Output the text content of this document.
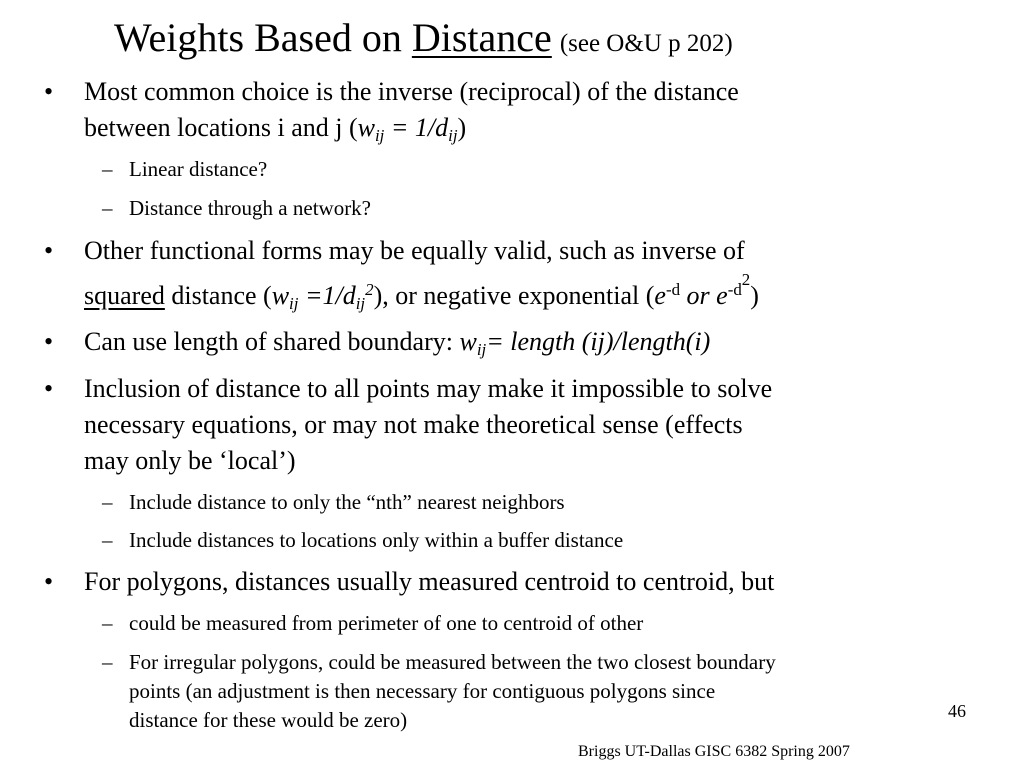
Weights Based on Distance (see O&U p 202)
• Most common choice is the inverse (reciprocal) of the distance
between locations i and j $(w_{ij} = 1/d_{ij})$
– Linear distance?
– Distance through a network?
• Other functional forms may be equally valid, such as inverse of
squared distance $(w_{ij} =1/d_{ij}^2)$, or negative exponential ($e^{-d}$ or $e^{-d^2}$)
• Can use length of shared boundary: $w_{ij}=$ length (ij)/length(i)
• Inclusion of distance to all points may make it impossible to solve
necessary equations, or may not make theoretical sense (effects
may only be ‘local’)
– Include distance to only the “nth” nearest neighbors
– Include distances to locations only within a buffer distance
• For polygons, distances usually measured centroid to centroid, but
– could be measured from perimeter of one to centroid of other
– For irregular polygons, could be measured between the two closest boundary
points (an adjustment is then necessary for contiguous polygons since
distance for these would be zero)	46
Briggs UT-Dallas GISC 6382 Spring 2007
